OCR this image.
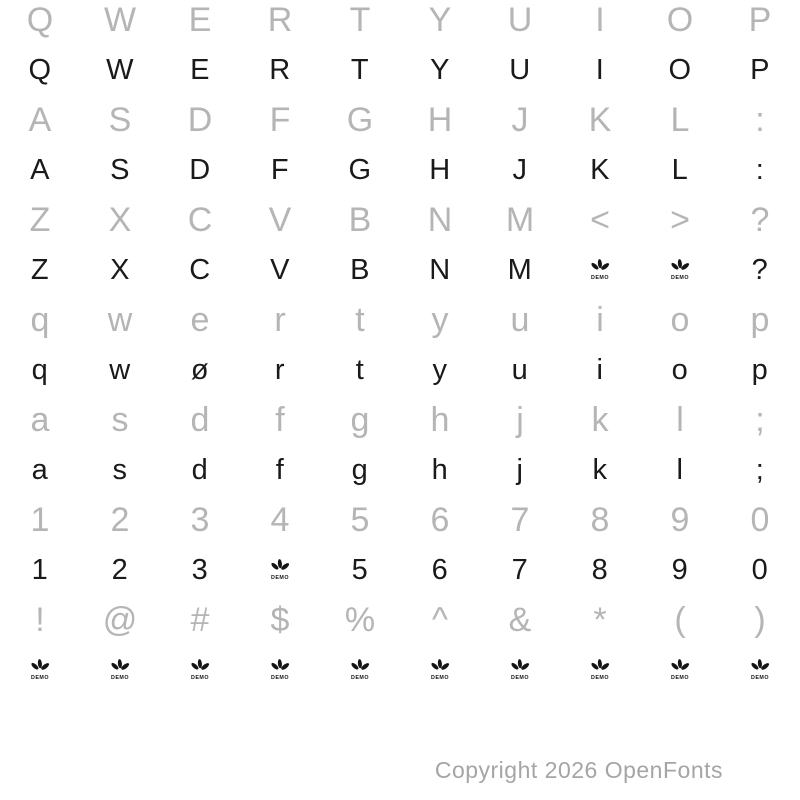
Q	W	E	R	T	Y	U	I	O	P
Q	W	E	R	T	Y	U	I	O	P
A	S	D	F	G	H	J	K	L	:
A	S	D	F	G	H	J	K	L	:
Z	X	C	V	B	N	M	<	>	?
Z	X	C	V	B	N	M	DEMO	DEMO	?
q	w	e	r	t	y	u	i	o	p
q	w	ø	r	t	y	u	i	o	p
a	s	d	f	g	h	j	k	l	;
a	s	d	f	g	h	j	k	l	;
1	2	3	4	5	6	7	8	9	0
1	2	3	DEMO	5	6	7	8	9	0
!	@	#	$	%	^	&	*	(	)
DEMO	DEMO	DEMO	DEMO	DEMO	DEMO	DEMO	DEMO	DEMO	DEMO
Copyright 2026 OpenFonts
